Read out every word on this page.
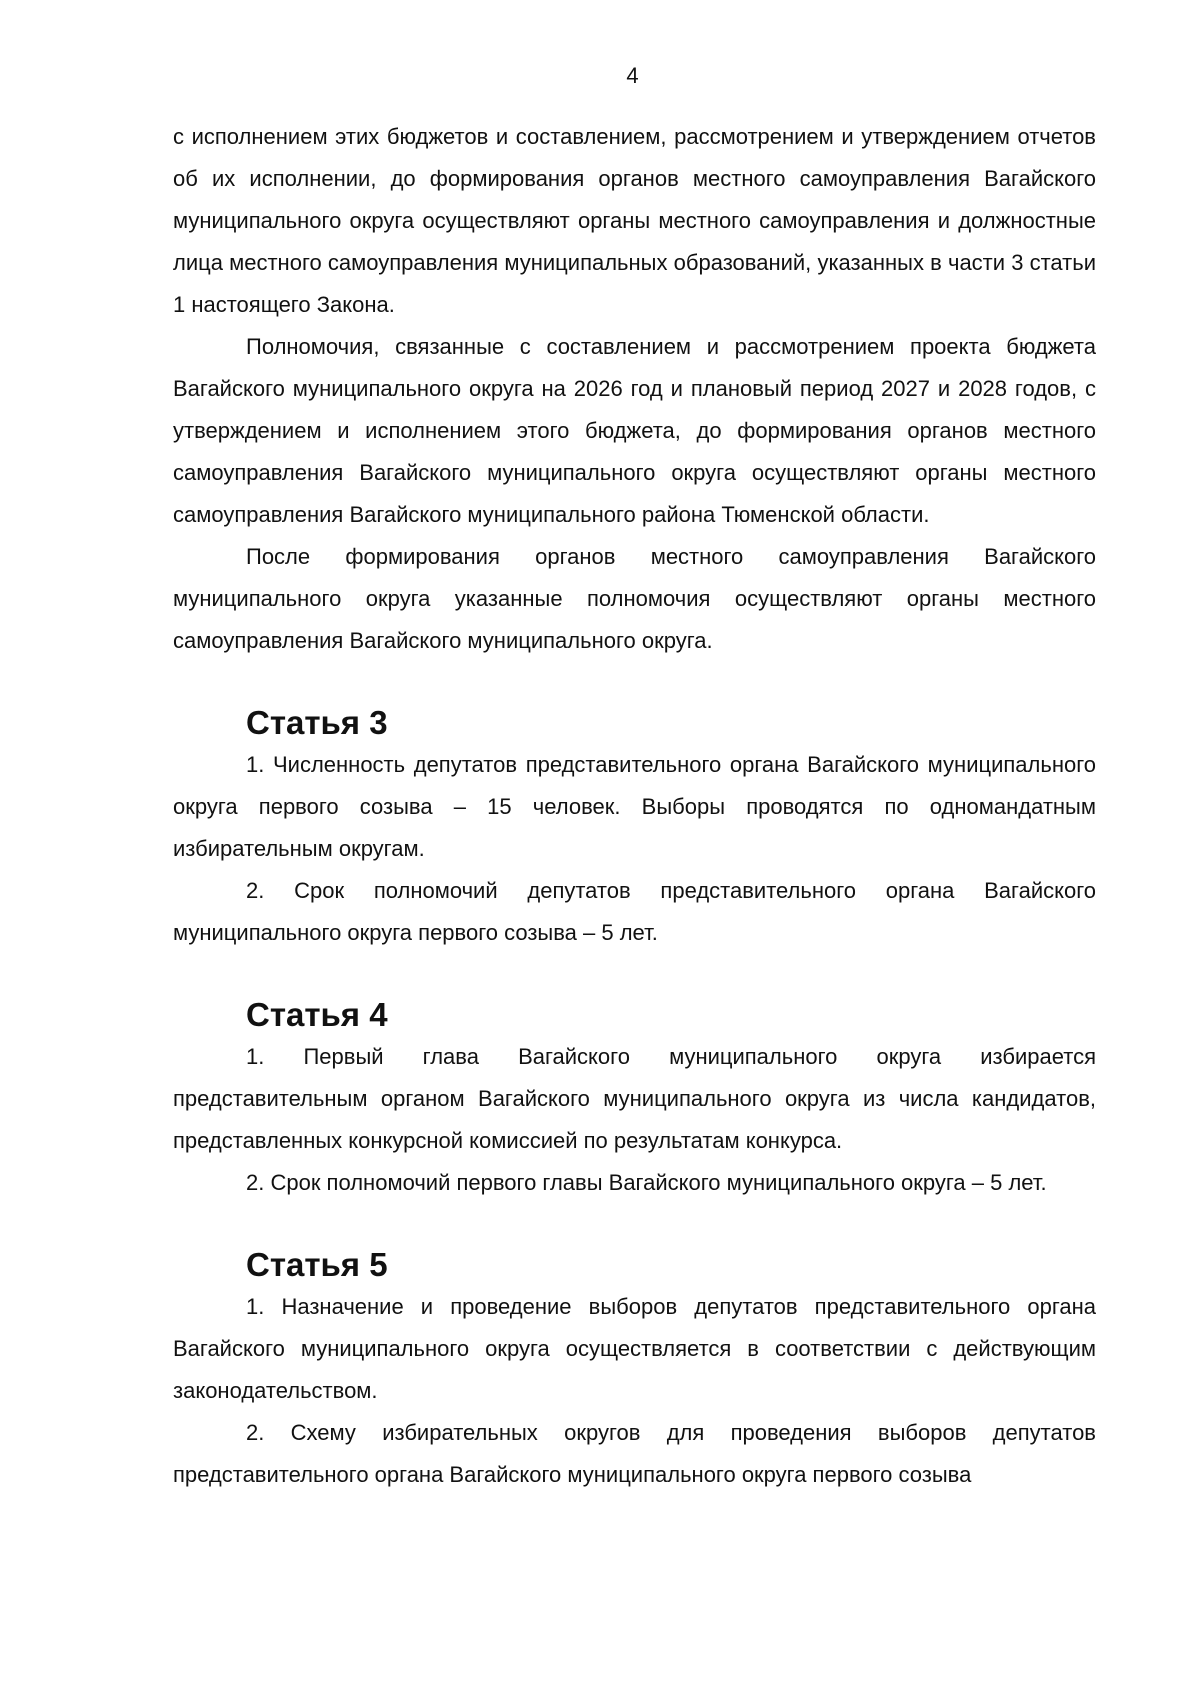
4

с исполнением этих бюджетов и составлением, рассмотрением и утверждением отчетов об их исполнении, до формирования органов местного самоуправления Вагайского муниципального округа осуществляют органы местного самоуправления и должностные лица местного самоуправления муниципальных образований, указанных в части 3 статьи 1 настоящего Закона.

Полномочия, связанные с составлением и рассмотрением проекта бюджета Вагайского муниципального округа на 2026 год и плановый период 2027 и 2028 годов, с утверждением и исполнением этого бюджета, до формирования органов местного самоуправления Вагайского муниципального округа осуществляют органы местного самоуправления Вагайского муниципального района Тюменской области.

После формирования органов местного самоуправления Вагайского муниципального округа указанные полномочия осуществляют органы местного самоуправления Вагайского муниципального округа.

Статья 3

1. Численность депутатов представительного органа Вагайского муниципального округа первого созыва – 15 человек. Выборы проводятся по одномандатным избирательным округам.

2. Срок полномочий депутатов представительного органа Вагайского муниципального округа первого созыва – 5 лет.

Статья 4

1. Первый глава Вагайского муниципального округа избирается представительным органом Вагайского муниципального округа из числа кандидатов, представленных конкурсной комиссией по результатам конкурса.

2. Срок полномочий первого главы Вагайского муниципального округа – 5 лет.

Статья 5

1. Назначение и проведение выборов депутатов представительного органа Вагайского муниципального округа осуществляется в соответствии с действующим законодательством.

2. Схему избирательных округов для проведения выборов депутатов представительного органа Вагайского муниципального округа первого созыва
